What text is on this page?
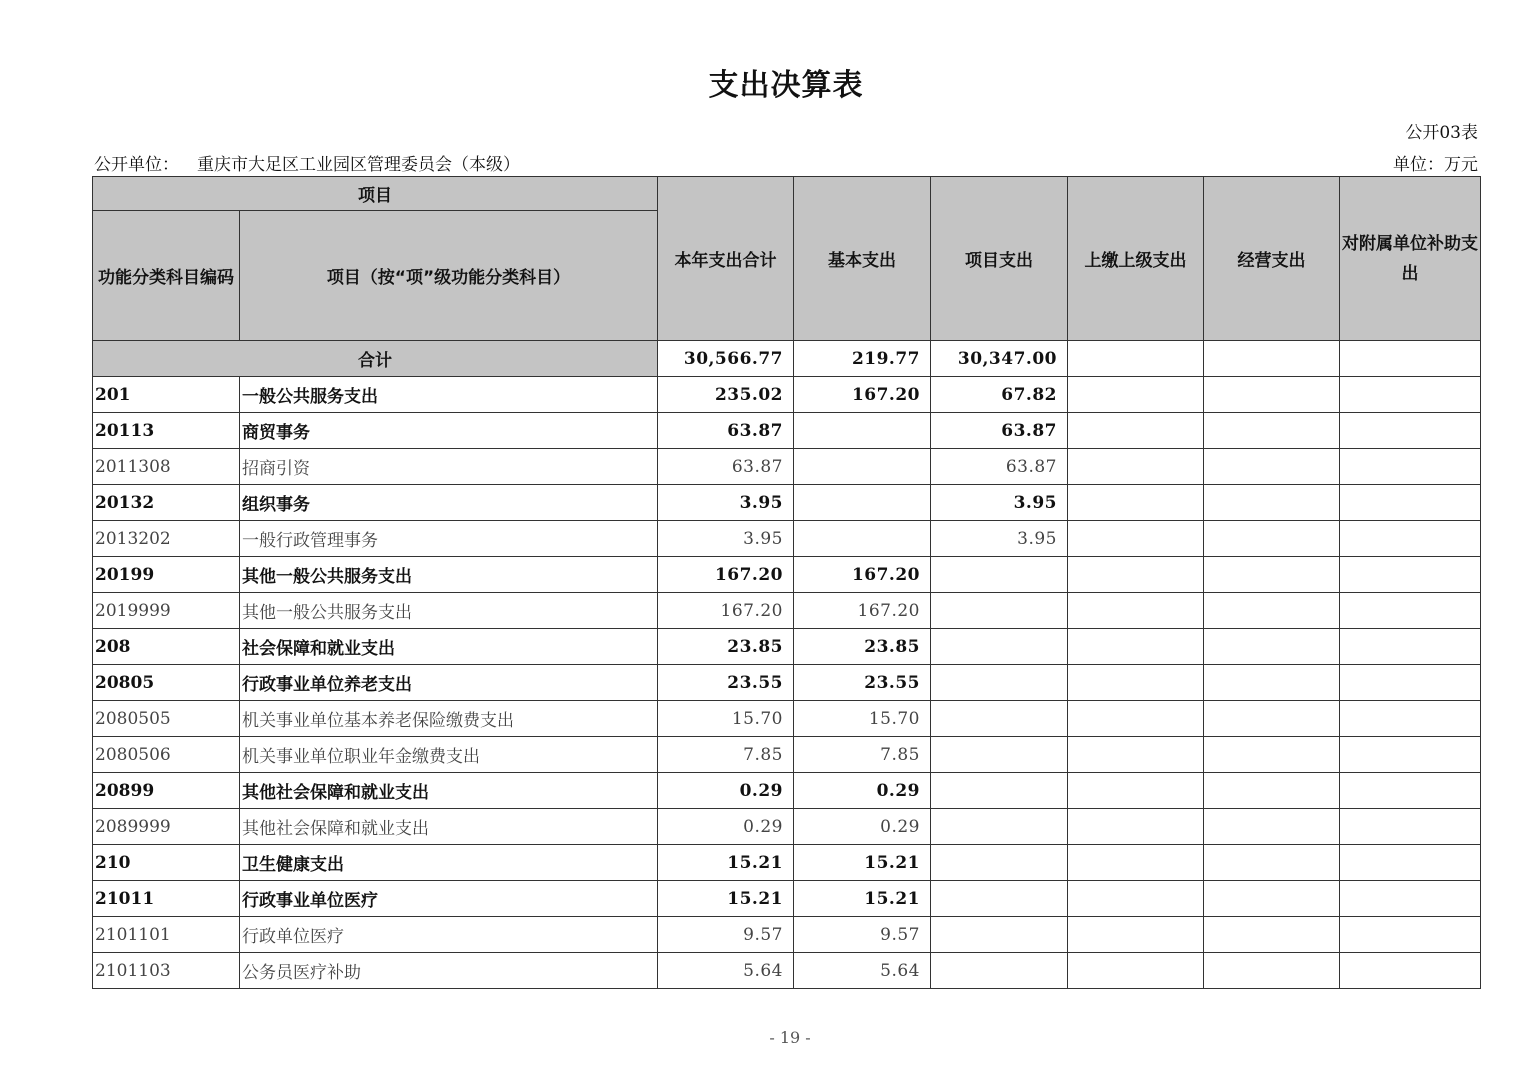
支出决算表
公开03表
公开单位： 重庆市大足区工业园区管理委员会（本级）	单位：万元
项目		本年支出合计	基本支出	项目支出	上缴上级支出	经营支出	对附属单位补助支出
功能分类科目编码	项目（按“项”级功能分类科目）						
合计		30,566.77	219.77	30,347.00			
201	一般公共服务支出	235.02	167.20	67.82			
20113	商贸事务	63.87		63.87			
2011308	招商引资	63.87		63.87			
20132	组织事务	3.95		3.95			
2013202	一般行政管理事务	3.95		3.95			
20199	其他一般公共服务支出	167.20	167.20				
2019999	其他一般公共服务支出	167.20	167.20				
208	社会保障和就业支出	23.85	23.85				
20805	行政事业单位养老支出	23.55	23.55				
2080505	机关事业单位基本养老保险缴费支出	15.70	15.70				
2080506	机关事业单位职业年金缴费支出	7.85	7.85				
20899	其他社会保障和就业支出	0.29	0.29				
2089999	其他社会保障和就业支出	0.29	0.29				
210	卫生健康支出	15.21	15.21				
21011	行政事业单位医疗	15.21	15.21				
2101101	行政单位医疗	9.57	9.57				
2101103	公务员医疗补助	5.64	5.64				
- 19 -
